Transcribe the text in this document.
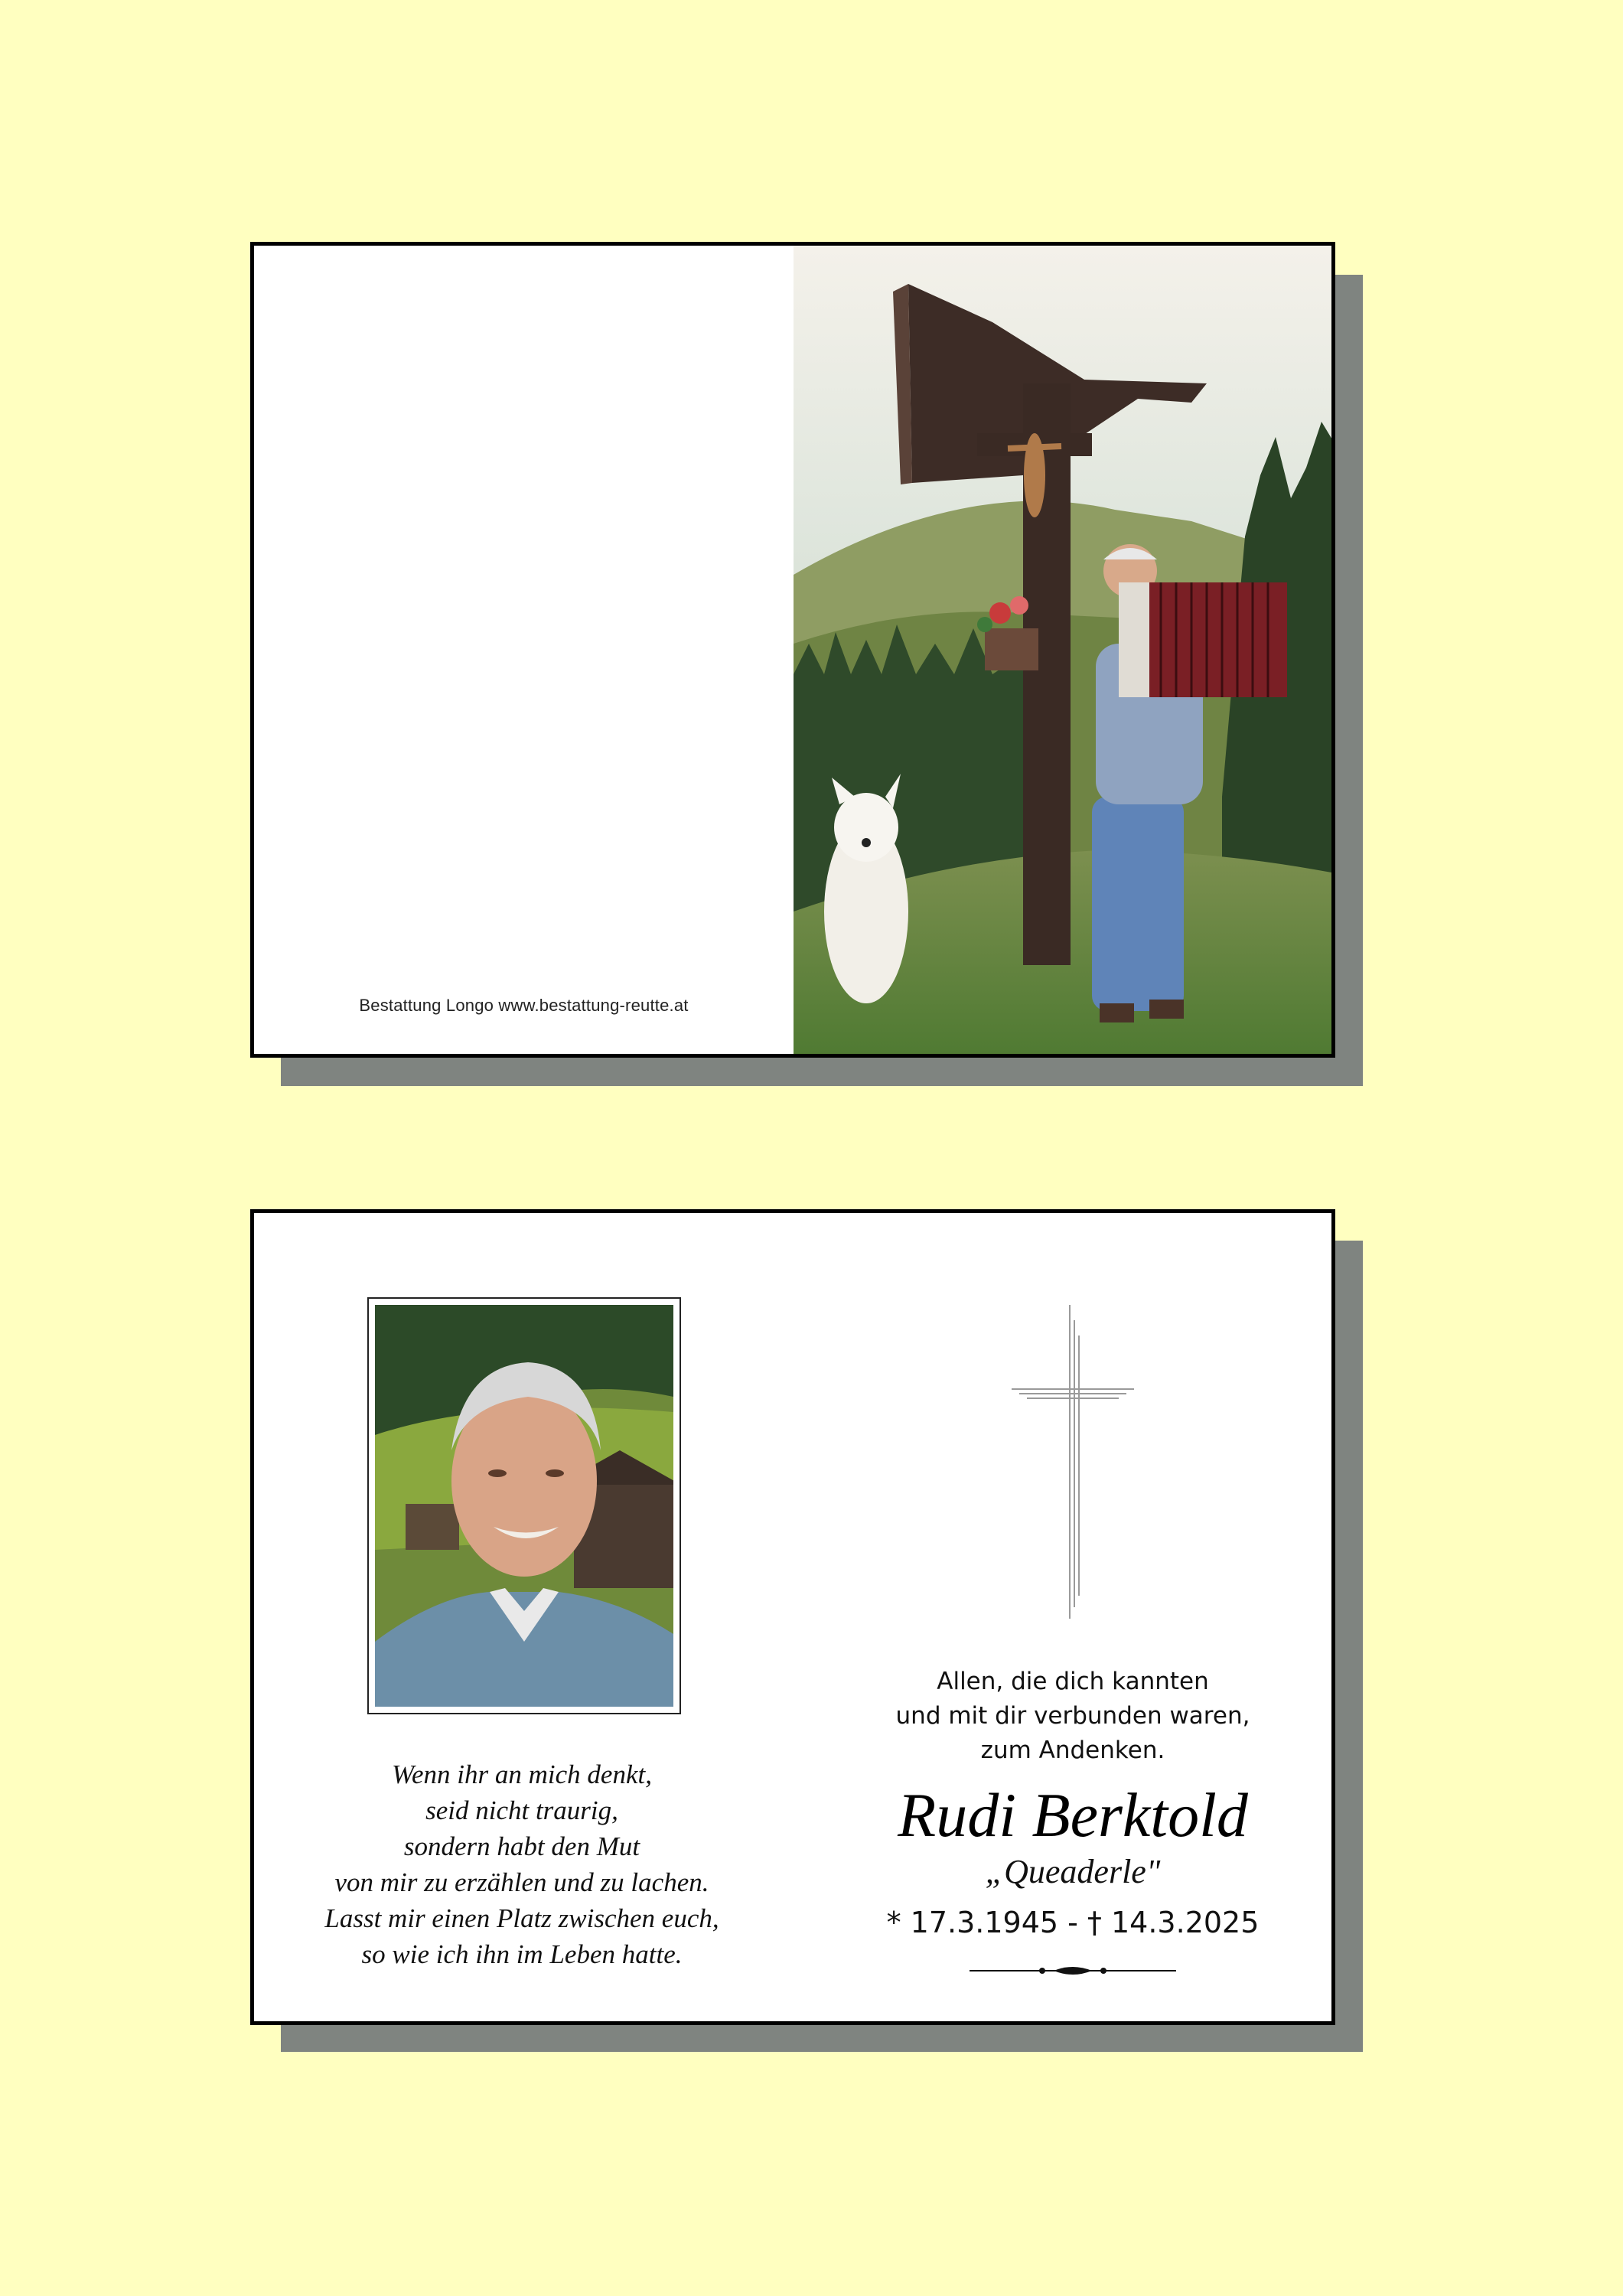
Bestattung Longo www.bestattung-reutte.at
Wenn ihr an mich denkt,
seid nicht traurig,
sondern habt den Mut
von mir zu erzählen und zu lachen.
Lasst mir einen Platz zwischen euch,
so wie ich ihn im Leben hatte.
Allen, die dich kannten
und mit dir verbunden waren,
zum Andenken.
Rudi Berktold
„Queaderle"
* 17.3.1945 - † 14.3.2025
